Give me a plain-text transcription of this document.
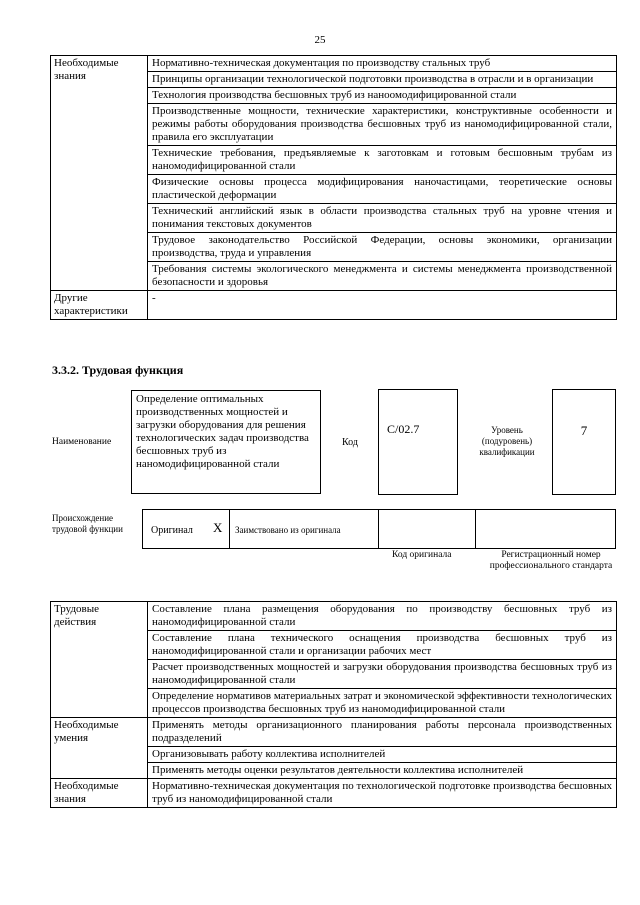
25
Необходимые знания	Нормативно-техническая документация по производству стальных труб
	Принципы организации технологической подготовки производства в отрасли и в организации
	Технология производства бесшовных труб из наноомодифицированной стали
	Производственные мощности, технические характеристики, конструктивные особенности и режимы работы оборудования производства бесшовных труб из наномодифицированной стали, правила его эксплуатации
	Технические требования, предъявляемые к заготовкам и готовым бесшовным трубам из наномодифицированной стали
	Физические основы процесса модифицирования наночастицами, теоретические основы пластической деформации
	Технический английский язык в области производства стальных труб на уровне чтения и понимания текстовых документов
	Трудовое законодательство Российской Федерации, основы экономики, организации производства, труда и управления
	Требования системы экологического менеджмента и системы менеджмента производственной безопасности и здоровья
Другие характеристики	-
3.3.2. Трудовая функция
Наименование
Определение оптимальных производственных мощностей и загрузки оборудования для решения технологических задач производства бесшовных труб из наномодифицированной стали
Код
C/02.7	Уровень (подуровень) квалификации
7
Происхождение трудовой функции	Оригинал X Заимствовано из оригинала
Код оригинала	Регистрационный номер профессионального стандарта
Трудовые действия	Составление плана размещения оборудования по производству бесшовных труб из наномодифицированной стали
	Составление плана технического оснащения производства бесшовных труб из наномодифицированной стали и организации рабочих мест
	Расчет производственных мощностей и загрузки оборудования производства бесшовных труб из наномодифицированной стали
	Определение нормативов материальных затрат и экономической эффективности технологических процессов производства бесшовных труб из наномодифицированной стали
Необходимые умения	Применять методы организационного планирования работы персонала производственных подразделений
	Организовывать работу коллектива исполнителей
	Применять методы оценки результатов деятельности коллектива исполнителей
Необходимые знания	Нормативно-техническая документация по технологической подготовке производства бесшовных труб из наномодифицированной стали
